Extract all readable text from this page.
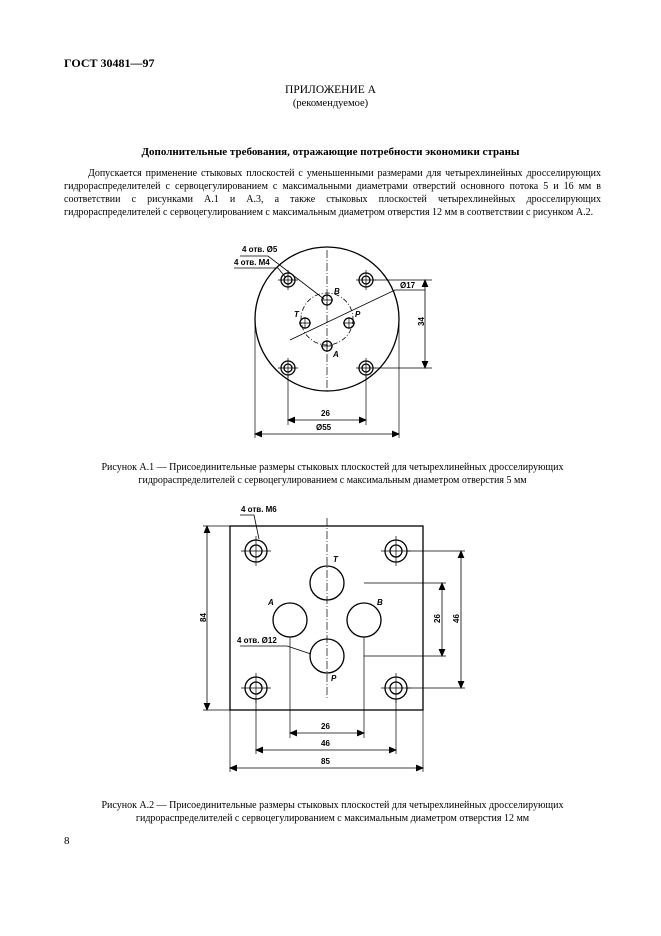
ГОСТ 30481—97
ПРИЛОЖЕНИЕ А
(рекомендуемое)
Дополнительные требования, отражающие потребности экономики страны
Допускается применение стыковых плоскостей с уменьшенными размерами для четырехлинейных дросселирующих гидрораспределителей с сервоцегулированием с максимальными диаметрами отверстий основного потока 5 и 16 мм в соответствии с рисунками А.1 и А.3, а также стыковых плоскостей четырехлинейных дросселирующих гидрораспределителей с сервоцегулированием с максимальным диаметром отверстия 12 мм в соответствии с рисунком А.2.
4 отв. Ø5
4 отв. М4
B
T	P
A
Ø17
34
26
Ø55
Рисунок А.1 — Присоединительные размеры стыковых плоскостей для четырехлинейных дросселирующих гидрораспределителей с сервоцегулированием с максимальным диаметром отверстия 5 мм
4 отв. М6
4 отв. Ø12
T
A	B
P
84	26 46
26
46
85
Рисунок А.2 — Присоединительные размеры стыковых плоскостей для четырехлинейных дросселирующих гидрораспределителей с сервоцегулированием с максимальным диаметром отверстия 12 мм
8
